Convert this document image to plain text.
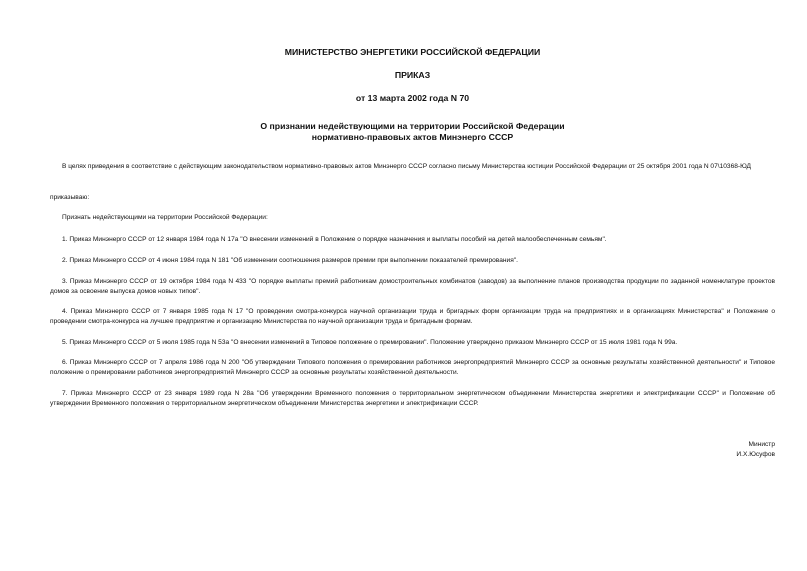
МИНИСТЕРСТВО ЭНЕРГЕТИКИ РОССИЙСКОЙ ФЕДЕРАЦИИ
ПРИКАЗ
от 13 марта 2002 года N 70
О признании недействующими на территории Российской Федерации
нормативно-правовых актов Минэнерго СССР

В целях приведения в соответствие с действующим законодательством нормативно-правовых актов Минэнерго СССР согласно письму Министерства юстиции Российской Федерации от 25 октября 2001 года N 07\10368-ЮД

приказываю:

Признать недействующими на территории Российской Федерации:

1. Приказ Минэнерго СССР от 12 января 1984 года N 17а "О внесении изменений в Положение о порядке назначения и выплаты пособий на детей малообеспеченным семьям".

2. Приказ Минэнерго СССР от 4 июня 1984 года N 181 "Об изменении соотношения размеров премии при выполнении показателей премирования".

3. Приказ Минэнерго СССР от 19 октября 1984 года N 433 "О порядке выплаты премий работникам домостроительных комбинатов (заводов) за выполнение планов производства продукции по заданной номенклатуре проектов домов за освоение выпуска домов новых типов".

4. Приказ Минэнерго СССР от 7 января 1985 года N 17 "О проведении смотра-конкурса научной организации труда и бригадных форм организации труда на предприятиях и в организациях Министерства" и Положение о проведении смотра-конкурса на лучшее предприятие и организацию Министерства по научной организации труда и бригадным формам.

5. Приказ Минэнерго СССР от 5 июля 1985 года N 53а "О внесении изменений в Типовое положение о премировании". Положение утверждено приказом Минэнерго СССР от 15 июля 1981 года N 99а.

6. Приказ Минэнерго СССР от 7 апреля 1986 года N 200 "Об утверждении Типового положения о премировании работников энергопредприятий Минэнерго СССР за основные результаты хозяйственной деятельности" и Типовое положение о премировании работников энергопредприятий Минэнерго СССР за основные результаты хозяйственной деятельности.

7. Приказ Минэнерго СССР от 23 января 1989 года N 28а "Об утверждении Временного положения о территориальном энергетическом объединении Министерства энергетики и электрификации СССР" и Положение об утверждении Временного положения о территориальном энергетическом объединении Министерства энергетики и электрификации СССР.

Министр
И.Х.Юсуфов
